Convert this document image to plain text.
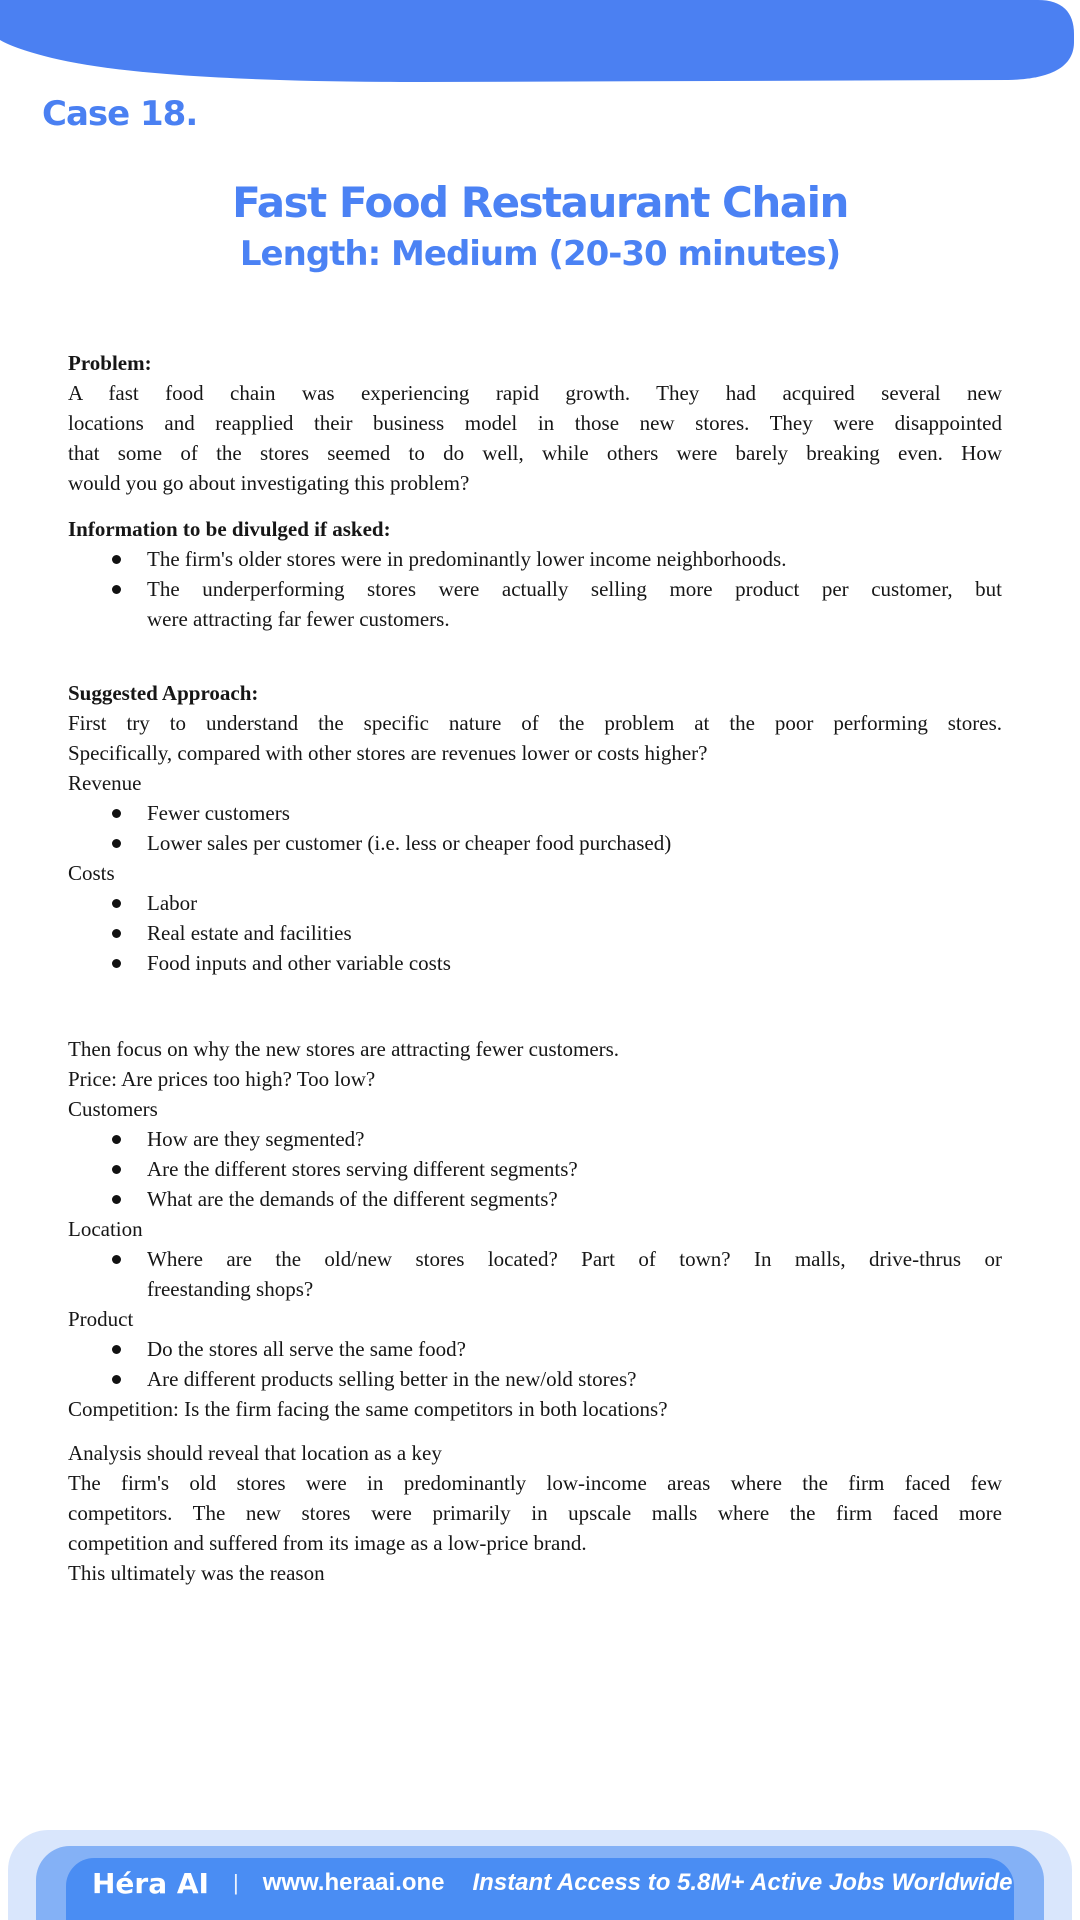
Case 18.
Fast Food Restaurant Chain
Length: Medium (20-30 minutes)
Problem:
A fast food chain was experiencing rapid growth. They had acquired several new
locations and reapplied their business model in those new stores. They were disappointed
that some of the stores seemed to do well, while others were barely breaking even. How
would you go about investigating this problem?
Information to be divulged if asked:
The firm's older stores were in predominantly lower income neighborhoods.
The underperforming stores were actually selling more product per customer, but
were attracting far fewer customers.
Suggested Approach:
First try to understand the specific nature of the problem at the poor performing stores.
Specifically, compared with other stores are revenues lower or costs higher?
Revenue
Fewer customers
Lower sales per customer (i.e. less or cheaper food purchased)
Costs
Labor
Real estate and facilities
Food inputs and other variable costs
Then focus on why the new stores are attracting fewer customers.
Price: Are prices too high? Too low?
Customers
How are they segmented?
Are the different stores serving different segments?
What are the demands of the different segments?
Location
Where are the old/new stores located? Part of town? In malls, drive-thrus or
freestanding shops?
Product
Do the stores all serve the same food?
Are different products selling better in the new/old stores?
Competition: Is the firm facing the same competitors in both locations?
Analysis should reveal that location as a key
The firm's old stores were in predominantly low-income areas where the firm faced few
competitors. The new stores were primarily in upscale malls where the firm faced more
competition and suffered from its image as a low-price brand.
This ultimately was the reason
Héra AI | www.heraai.one Instant Access to 5.8M+ Active Jobs Worldwide
